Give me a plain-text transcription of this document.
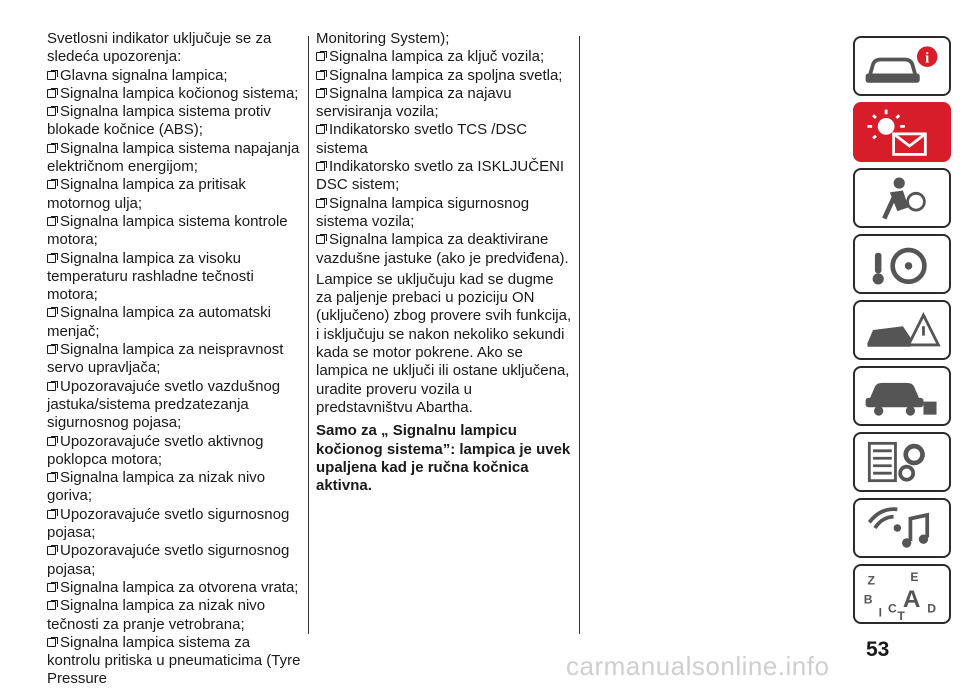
Svetlosni indikator uključuje se za sledeća upozorenja:
Glavna signalna lampica;
Signalna lampica kočionog sistema;
Signalna lampica sistema protiv blokade kočnice (ABS);
Signalna lampica sistema napajanja električnom energijom;
Signalna lampica za pritisak motornog ulja;
Signalna lampica sistema kontrole motora;
Signalna lampica za visoku temperaturu rashladne tečnosti motora;
Signalna lampica za automatski menjač;
Signalna lampica za neispravnost servo upravljača;
Upozoravajuće svetlo vazdušnog jastuka/sistema predzatezanja sigurnosnog pojasa;
Upozoravajuće svetlo aktivnog poklopca motora;
Signalna lampica za nizak nivo goriva;
Upozoravajuće svetlo sigurnosnog pojasa;
Upozoravajuće svetlo sigurnosnog pojasa;
Signalna lampica za otvorena vrata;
Signalna lampica za nizak nivo tečnosti za pranje vetrobrana;
Signalna lampica sistema za kontrolu pritiska u pneumaticima (Tyre Pressure
Monitoring System);
Signalna lampica za ključ vozila;
Signalna lampica za spoljna svetla;
Signalna lampica za najavu servisiranja vozila;
Indikatorsko svetlo TCS /DSC sistema
Indikatorsko svetlo za ISKLJUČENI DSC sistem;
Signalna lampica sigurnosnog sistema vozila;
Signalna lampica za deaktivirane vazdušne jastuke (ako je predviđena).

Lampice se uključuju kad se dugme za paljenje prebaci u poziciju ON (uključeno) zbog provere svih funkcija, i isključuju se nakon nekoliko sekundi kada se motor pokrene. Ako se lampica ne uključi ili ostane uključena, uradite proveru vozila u predstavništvu Abartha.

Samo za „ Signalnu lampicu kočionog sistema”: lampica je uvek upaljena kad je ručna kočnica aktivna.

i
Z	E
B A
I C
T
D
53
carmanualsonline.info
